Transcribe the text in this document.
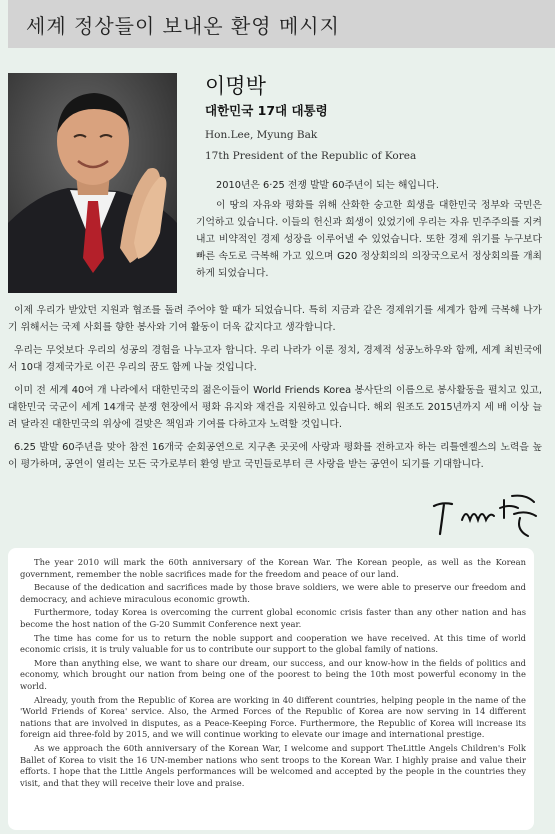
세계 정상들이 보내온 환영 메시지
이명박
대한민국 17대 대통령
Hon.Lee, Myung Bak
17th President of the Republic of Korea

2010년은 6·25 전쟁 발발 60주년이 되는 해입니다.

이 땅의 자유와 평화를 위해 산화한 숭고한 희생을 대한민국 정부와 국민은 기억하고 있습니다. 이들의 헌신과 희생이 있었기에 우리는 자유 민주주의를 지켜내고 비약적인 경제 성장을 이루어낼 수 있었습니다. 또한 경제 위기를 누구보다 빠른 속도로 극복해 가고 있으며 G20 정상회의의 의장국으로서 정상회의를 개최하게 되었습니다.

이제 우리가 받았던 지원과 협조를 돌려 주어야 할 때가 되었습니다. 특히 지금과 같은 경제위기를 세계가 함께 극복해 나가기 위해서는 국제 사회를 향한 봉사와 기여 활동이 더욱 값지다고 생각합니다.

우리는 무엇보다 우리의 성공의 경험을 나누고자 합니다. 우리 나라가 이룬 정치, 경제적 성공노하우와 함께, 세계 최빈국에서 10대 경제국가로 이끈 우리의 꿈도 함께 나눌 것입니다.

이미 전 세계 40여 개 나라에서 대한민국의 젊은이들이 World Friends Korea 봉사단의 이름으로 봉사활동을 펼치고 있고, 대한민국 국군이 세계 14개국 분쟁 현장에서 평화 유지와 재건을 지원하고 있습니다. 해외 원조도 2015년까지 세 배 이상 늘려 달라진 대한민국의 위상에 걸맞은 책임과 기여를 다하고자 노력할 것입니다.

6.25 발발 60주년을 맞아 참전 16개국 순회공연으로 지구촌 곳곳에 사랑과 평화를 전하고자 하는 리틀엔젤스의 노력을 높이 평가하며, 공연이 열리는 모든 국가로부터 환영 받고 국민들로부터 큰 사랑을 받는 공연이 되기를 기대합니다.

The year 2010 will mark the 60th anniversary of the Korean War. The Korean people, as well as the Korean government, remember the noble sacrifices made for the freedom and peace of our land.

Because of the dedication and sacrifices made by those brave soldiers, we were able to preserve our freedom and democracy, and achieve miraculous economic growth.

Furthermore, today Korea is overcoming the current global economic crisis faster than any other nation and has become the host nation of the G-20 Summit Conference next year.

The time has come for us to return the noble support and cooperation we have received. At this time of world economic crisis, it is truly valuable for us to contribute our support to the global family of nations.

More than anything else, we want to share our dream, our success, and our know-how in the fields of politics and economy, which brought our nation from being one of the poorest to being the 10th most powerful economy in the world.

Already, youth from the Republic of Korea are working in 40 different countries, helping people in the name of the 'World Friends of Korea' service. Also, the Armed Forces of the Republic of Korea are now serving in 14 different nations that are involved in disputes, as a Peace-Keeping Force. Furthermore, the Republic of Korea will increase its foreign aid three-fold by 2015, and we will continue working to elevate our image and international prestige.

As we approach the 60th anniversary of the Korean War, I welcome and support TheLittle Angels Children's Folk Ballet of Korea to visit the 16 UN-member nations who sent troops to the Korean War. I highly praise and value their efforts. I hope that the Little Angels performances will be welcomed and accepted by the people in the countries they visit, and that they will receive their love and praise.
